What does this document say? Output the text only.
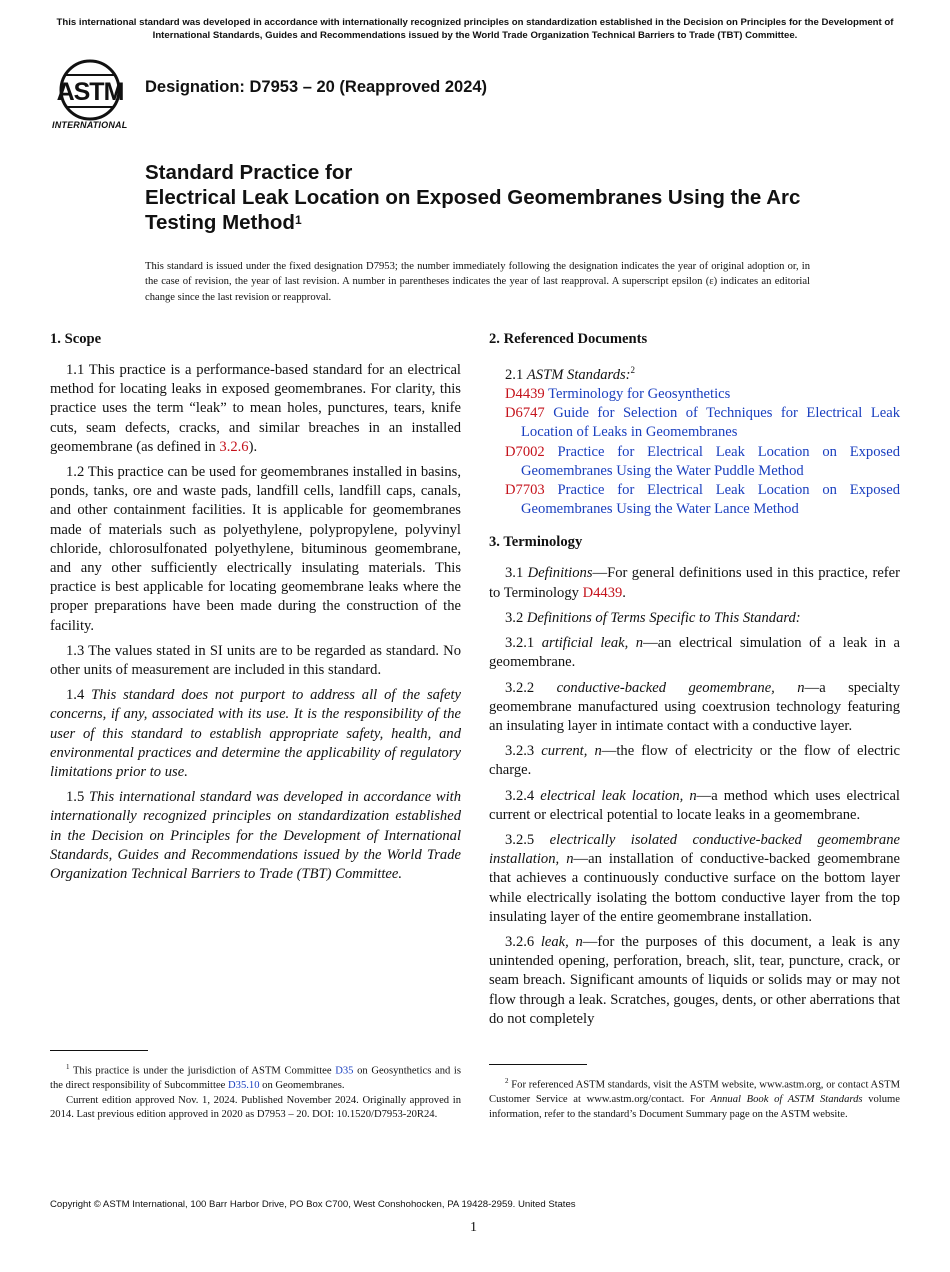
This international standard was developed in accordance with internationally recognized principles on standardization established in the Decision on Principles for the Development of International Standards, Guides and Recommendations issued by the World Trade Organization Technical Barriers to Trade (TBT) Committee.
ASTM
INTERNATIONAL
Designation: D7953 – 20 (Reapproved 2024)
Standard Practice for
Electrical Leak Location on Exposed Geomembranes Using the Arc Testing Method$^1$
This standard is issued under the fixed designation D7953; the number immediately following the designation indicates the year of original adoption or, in the case of revision, the year of last revision. A number in parentheses indicates the year of last reapproval. A superscript epsilon (ε) indicates an editorial change since the last revision or reapproval.
1. Scope

1.1 This practice is a performance-based standard for an electrical method for locating leaks in exposed geomembranes. For clarity, this practice uses the term “leak” to mean holes, punctures, tears, knife cuts, seam defects, cracks, and similar breaches in an installed geomembrane (as defined in 3.2.6).

1.2 This practice can be used for geomembranes installed in basins, ponds, tanks, ore and waste pads, landfill cells, landfill caps, canals, and other containment facilities. It is applicable for geomembranes made of materials such as polyethylene, polypropylene, polyvinyl chloride, chlorosulfonated polyethylene, bituminous geomembrane, and any other sufficiently electrically insulating materials. This practice is best applicable for locating geomembrane leaks where the proper preparations have been made during the construction of the facility.

1.3 The values stated in SI units are to be regarded as standard. No other units of measurement are included in this standard.

1.4 This standard does not purport to address all of the safety concerns, if any, associated with its use. It is the responsibility of the user of this standard to establish appropriate safety, health, and environmental practices and determine the applicability of regulatory limitations prior to use.

1.5 This international standard was developed in accordance with internationally recognized principles on standardization established in the Decision on Principles for the Development of International Standards, Guides and Recommendations issued by the World Trade Organization Technical Barriers to Trade (TBT) Committee.

2. Referenced Documents
2.1 ASTM Standards:$^2$
D4439 Terminology for Geosynthetics
D6747 Guide for Selection of Techniques for Electrical Leak Location of Leaks in Geomembranes
D7002 Practice for Electrical Leak Location on Exposed Geomembranes Using the Water Puddle Method
D7703 Practice for Electrical Leak Location on Exposed Geomembranes Using the Water Lance Method
3. Terminology

3.1 Definitions—For general definitions used in this practice, refer to Terminology D4439.

3.2 Definitions of Terms Specific to This Standard:

3.2.1 artificial leak, n—an electrical simulation of a leak in a geomembrane.

3.2.2 conductive-backed geomembrane, n—a specialty geomembrane manufactured using coextrusion technology featuring an insulating layer in intimate contact with a conductive layer.

3.2.3 current, n—the flow of electricity or the flow of electric charge.

3.2.4 electrical leak location, n—a method which uses electrical current or electrical potential to locate leaks in a geomembrane.

3.2.5 electrically isolated conductive-backed geomembrane installation, n—an installation of conductive-backed geomembrane that achieves a continuously conductive surface on the bottom layer while electrically isolating the bottom conductive layer from the top insulating layer of the entire geomembrane installation.

3.2.6 leak, n—for the purposes of this document, a leak is any unintended opening, perforation, breach, slit, tear, puncture, crack, or seam breach. Significant amounts of liquids or solids may or may not flow through a leak. Scratches, gouges, dents, or other aberrations that do not completely

$^1$ This practice is under the jurisdiction of ASTM Committee D35 on Geosynthetics and is the direct responsibility of Subcommittee D35.10 on Geomembranes.

Current edition approved Nov. 1, 2024. Published November 2024. Originally approved in 2014. Last previous edition approved in 2020 as D7953 – 20. DOI: 10.1520/D7953-20R24.

$^2$ For referenced ASTM standards, visit the ASTM website, www.astm.org, or contact ASTM Customer Service at www.astm.org/contact. For Annual Book of ASTM Standards volume information, refer to the standard’s Document Summary page on the ASTM website.

Copyright © ASTM International, 100 Barr Harbor Drive, PO Box C700, West Conshohocken, PA 19428-2959. United States
1
